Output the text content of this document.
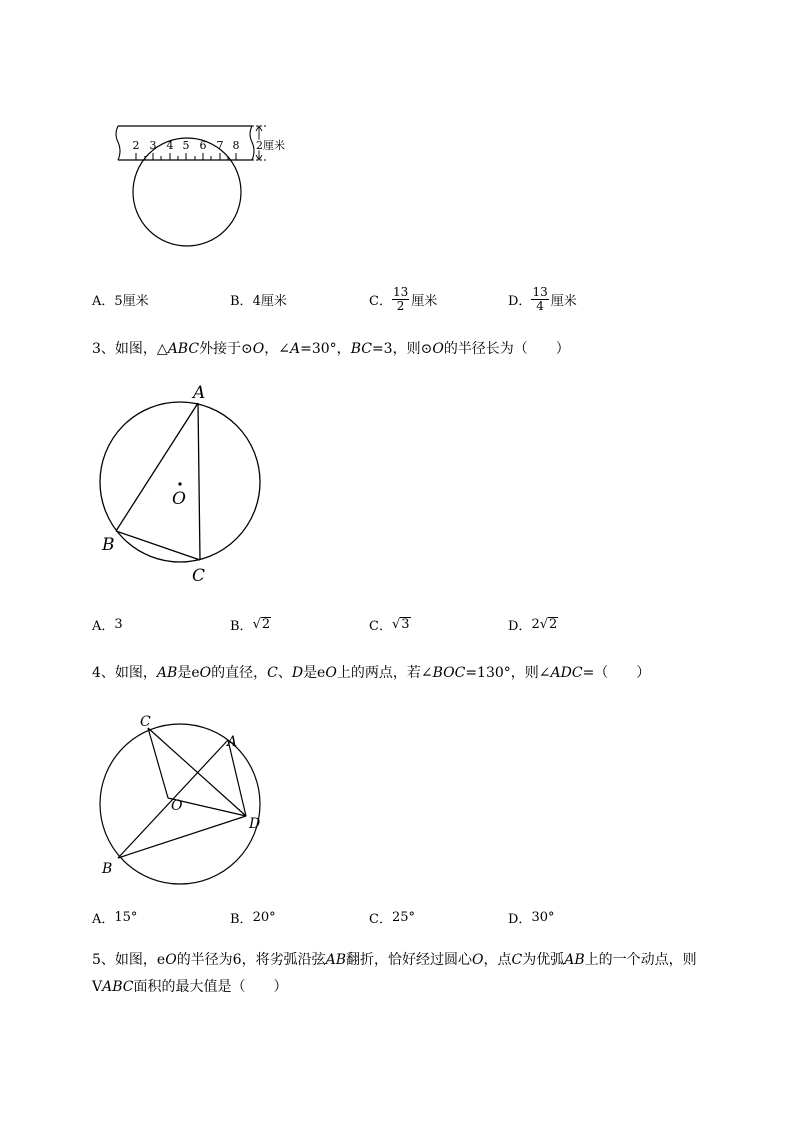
2 3 4 5 6 7 8 2厘米
A． 5厘米	B． 4厘米	C． $\frac{13}{2}$ 厘米	D． $\frac{13}{4}$ 厘米
3、如图，△ABC外接于⊙O，∠A=30°，BC=3，则⊙O的半径长为（　　）
A
O
B
C
A． 3	B． √ 2	C． √ 3	D． 2 √ 2
4、如图，AB是eO的直径，C、D是eO上的两点，若∠BOC=130°，则∠ADC=（　　）
C
A
O
D
B
A． 15°	B． 20°	C． 25°	D． 30°
5、如图，eO的半径为6，将劣弧沿弦AB翻折，恰好经过圆心O，点C为优弧AB上的一个动点，则VABC面积的最大值是（　　）
